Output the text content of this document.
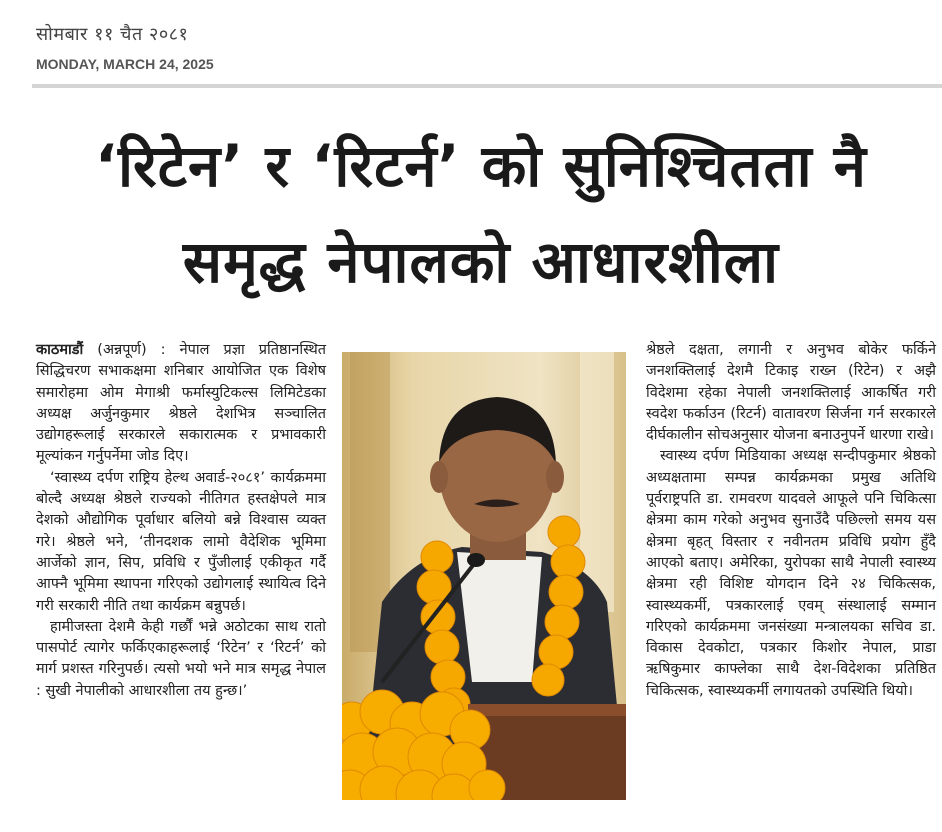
सोमबार ११ चैत २०८१
MONDAY, MARCH 24, 2025
‘रिटेन’ र ‘रिटर्न’ को सुनिश्चितता नै
समृद्ध नेपालको आधारशीला

काठमाडौं (अन्नपूर्ण) : नेपाल प्रज्ञा प्रतिष्ठानस्थित सिद्धिचरण सभाकक्षमा शनिबार आयोजित एक विशेष समारोहमा ओम मेगाश्री फर्मास्युटिकल्स लिमिटेडका अध्यक्ष अर्जुनकुमार श्रेष्ठले देशभित्र सञ्चालित उद्योगहरूलाई सरकारले सकारात्मक र प्रभावकारी मूल्यांकन गर्नुपर्नेमा जोड दिए।

‘स्वास्थ्य दर्पण राष्ट्रिय हेल्थ अवार्ड-२०८१’ कार्यक्रममा बोल्दै अध्यक्ष श्रेष्ठले राज्यको नीतिगत हस्तक्षेपले मात्र देशको औद्योगिक पूर्वाधार बलियो बन्ने विश्वास व्यक्त गरे। श्रेष्ठले भने, ‘तीनदशक लामो वैदेशिक भूमिमा आर्जेको ज्ञान, सिप, प्रविधि र पुँजीलाई एकीकृत गर्दै आफ्नै भूमिमा स्थापना गरिएको उद्योगलाई स्थायित्व दिने गरी सरकारी नीति तथा कार्यक्रम बन्नुपर्छ।

हामीजस्ता देशमै केही गर्छौं भन्ने अठोटका साथ रातो पासपोर्ट त्यागेर फर्किएकाहरूलाई ‘रिटेन’ र ‘रिटर्न’ को मार्ग प्रशस्त गरिनुपर्छ। त्यसो भयो भने मात्र समृद्ध नेपाल : सुखी नेपालीको आधारशीला तय हुन्छ।’

श्रेष्ठले दक्षता, लगानी र अनुभव बोकेर फर्किने जनशक्तिलाई देशमै टिकाइ राख्न (रिटेन) र अझै विदेशमा रहेका नेपाली जनशक्तिलाई आकर्षित गरी स्वदेश फर्काउन (रिटर्न) वातावरण सिर्जना गर्न सरकारले दीर्घकालीन सोचअनुसार योजना बनाउनुपर्ने धारणा राखे।

स्वास्थ्य दर्पण मिडियाका अध्यक्ष सन्दीपकुमार श्रेष्ठको अध्यक्षतामा सम्पन्न कार्यक्रमका प्रमुख अतिथि पूर्वराष्ट्रपति डा. रामवरण यादवले आफूले पनि चिकित्सा क्षेत्रमा काम गरेको अनुभव सुनाउँदै पछिल्लो समय यस क्षेत्रमा बृहत् विस्तार र नवीनतम प्रविधि प्रयोग हुँदै आएको बताए। अमेरिका, युरोपका साथै नेपाली स्वास्थ्य क्षेत्रमा रही विशिष्ट योगदान दिने २४ चिकित्सक, स्वास्थ्यकर्मी, पत्रकारलाई एवम् संस्थालाई सम्मान गरिएको कार्यक्रममा जनसंख्या मन्त्रालयका सचिव डा. विकास देवकोटा, पत्रकार किशोर नेपाल, प्राडा ऋषिकुमार काफ्लेका साथै देश-विदेशका प्रतिष्ठित चिकित्सक, स्वास्थ्यकर्मी लगायतको उपस्थिति थियो।
